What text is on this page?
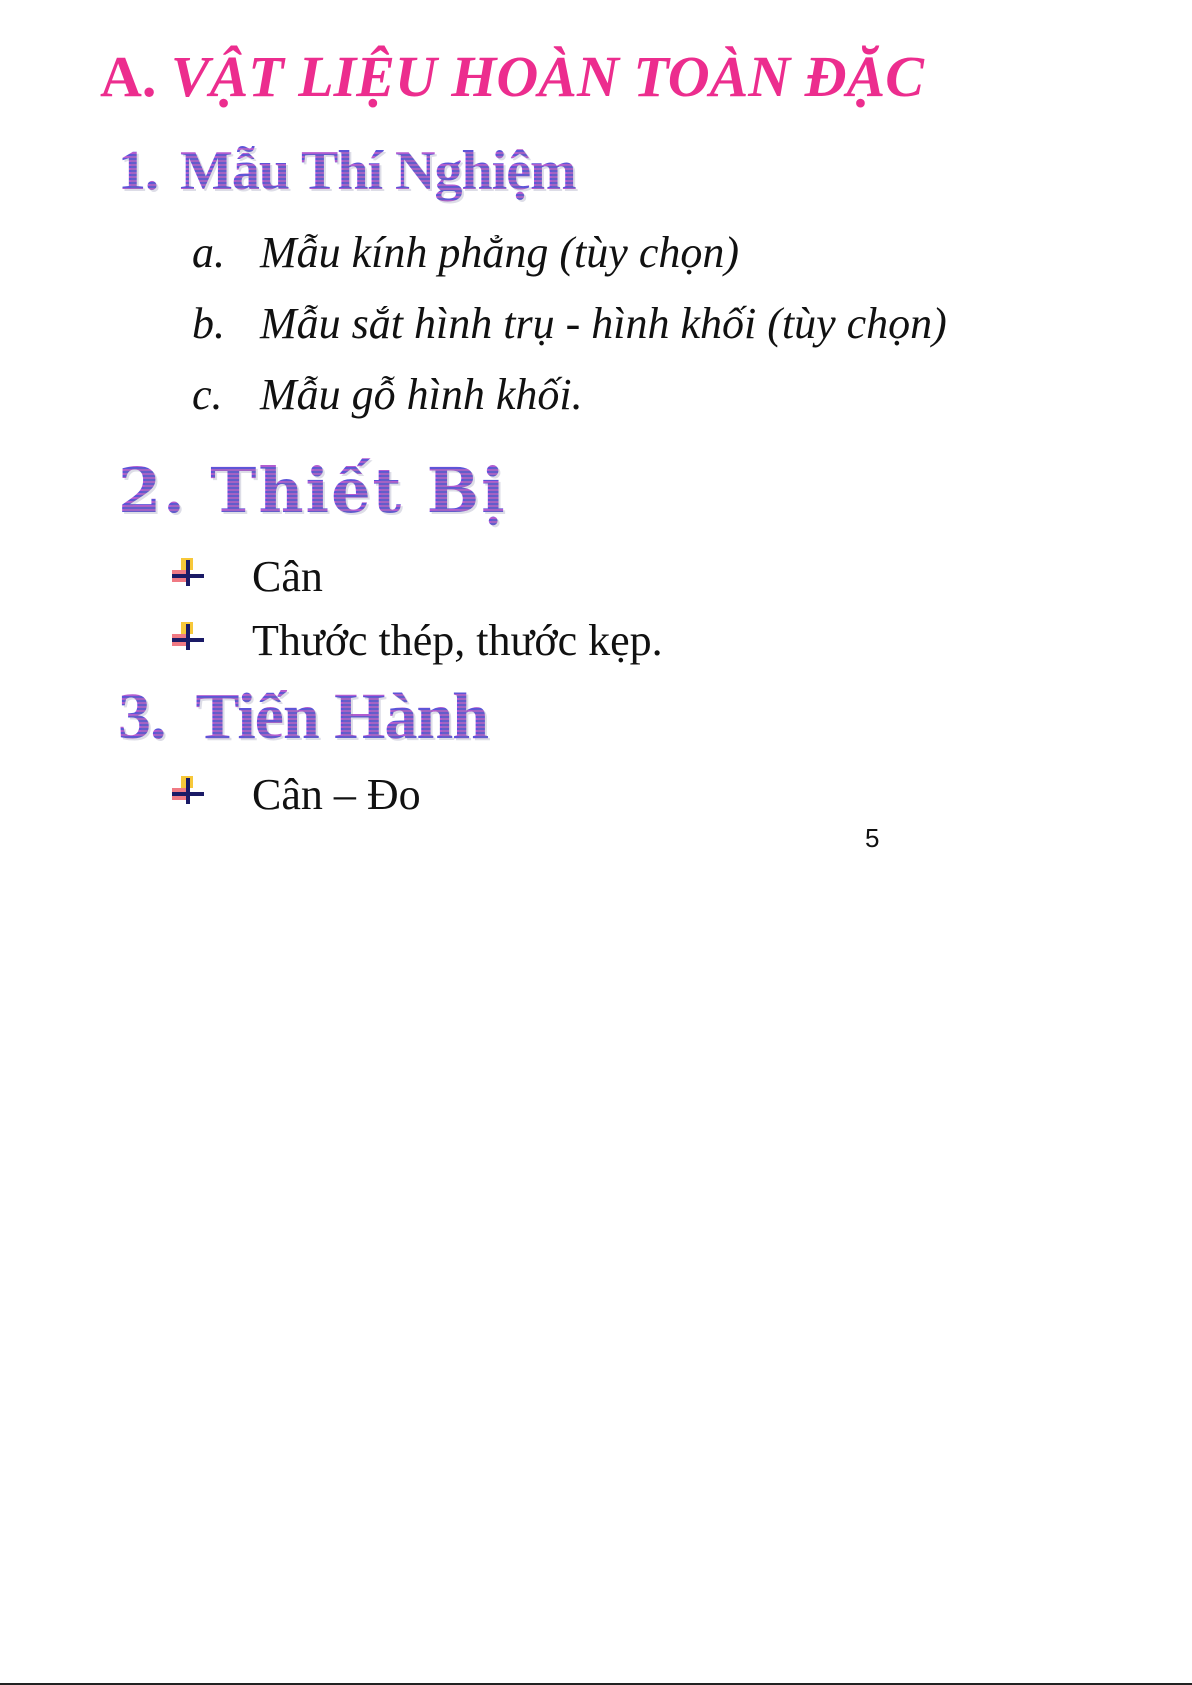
A. VẬT LIỆU HOÀN TOÀN ĐẶC
1. Mẫu Thí Nghiệm
a. Mẫu kính phẳng (tùy chọn)
b. Mẫu sắt hình trụ - hình khối (tùy chọn)
c. Mẫu gỗ hình khối.
2. Thiết Bị
Cân
Thước thép, thước kẹp.
3. Tiến Hành
Cân – Đo

5
